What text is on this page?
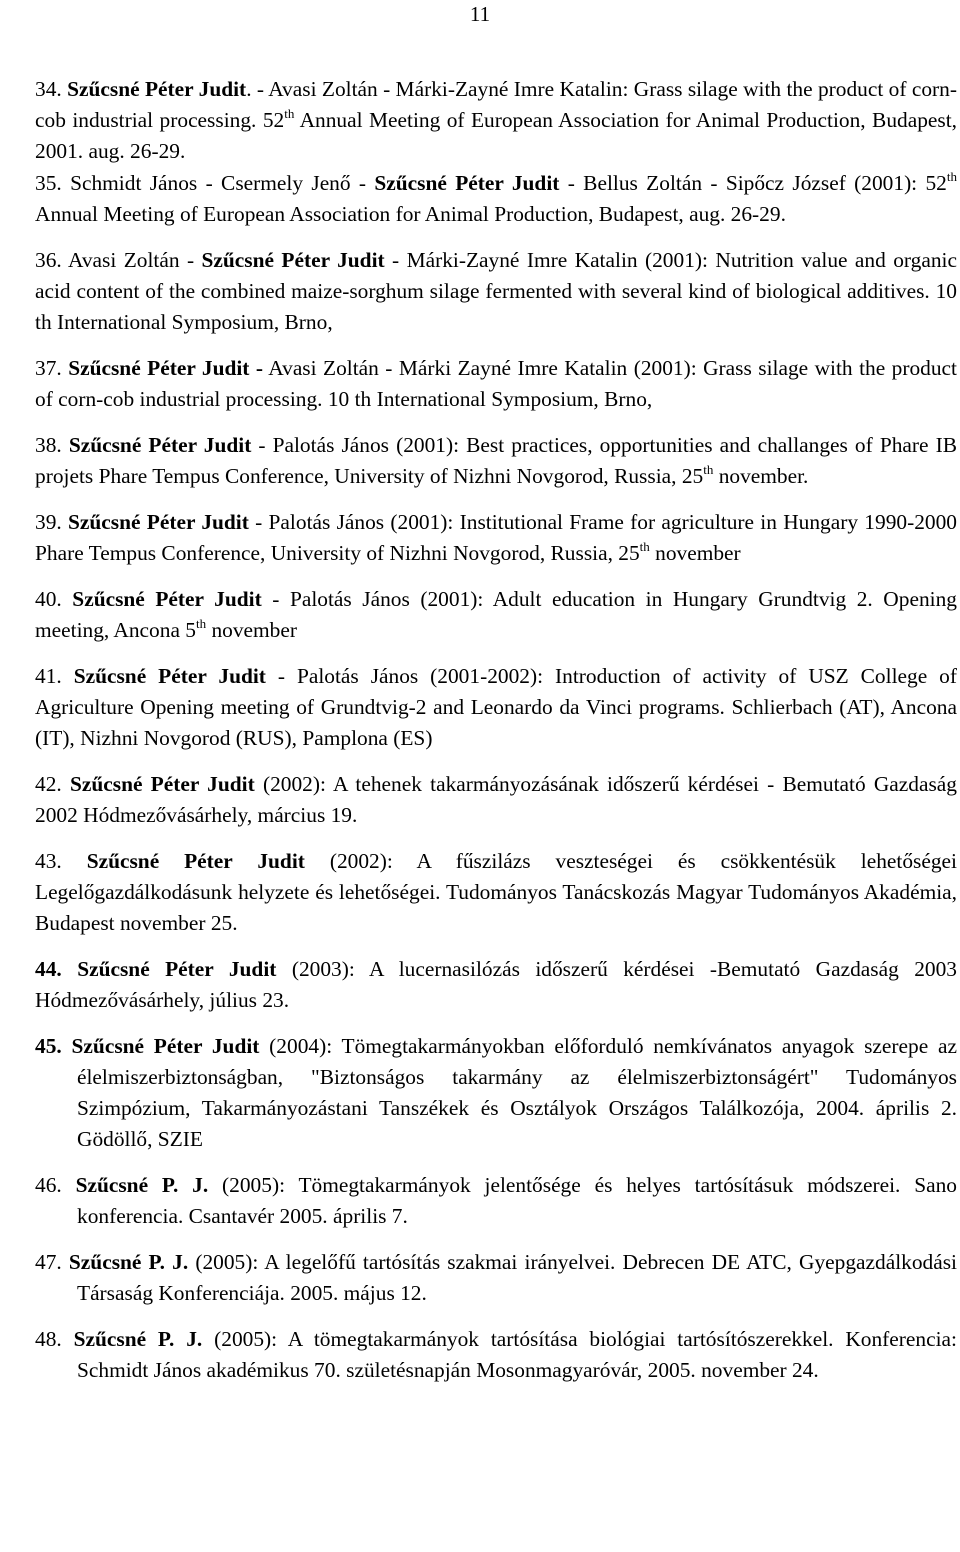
11
34. Szűcsné Péter Judit. - Avasi Zoltán - Márki-Zayné Imre Katalin: Grass silage with the product of corn-cob industrial processing. 52th Annual Meeting of European Association for Animal Production, Budapest, 2001. aug. 26-29.
35. Schmidt János - Csermely Jenő - Szűcsné Péter Judit - Bellus Zoltán - Sipőcz József (2001): 52th Annual Meeting of European Association for Animal Production, Budapest, aug. 26-29.
36. Avasi Zoltán - Szűcsné Péter Judit - Márki-Zayné Imre Katalin (2001): Nutrition value and organic acid content of the combined maize-sorghum silage fermented with several kind of biological additives. 10 th International Symposium, Brno,
37. Szűcsné Péter Judit - Avasi Zoltán - Márki Zayné Imre Katalin (2001): Grass silage with the product of corn-cob industrial processing. 10 th International Symposium, Brno,
38. Szűcsné Péter Judit - Palotás János (2001): Best practices, opportunities and challanges of Phare IB projets Phare Tempus Conference, University of Nizhni Novgorod, Russia, 25th november.
39. Szűcsné Péter Judit - Palotás János (2001): Institutional Frame for agriculture in Hungary 1990-2000 Phare Tempus Conference, University of Nizhni Novgorod, Russia, 25th november
40. Szűcsné Péter Judit - Palotás János (2001): Adult education in Hungary Grundtvig 2. Opening meeting, Ancona 5th november
41. Szűcsné Péter Judit - Palotás János (2001-2002): Introduction of activity of USZ College of Agriculture Opening meeting of Grundtvig-2 and Leonardo da Vinci programs. Schlierbach (AT), Ancona (IT), Nizhni Novgorod (RUS), Pamplona (ES)
42. Szűcsné Péter Judit (2002): A tehenek takarmányozásának időszerű kérdései - Bemutató Gazdaság 2002 Hódmezővásárhely, március 19.
43. Szűcsné Péter Judit (2002): A fűszilázs veszteségei és csökkentésük lehetőségei Legelőgazdálkodásunk helyzete és lehetőségei. Tudományos Tanácskozás Magyar Tudományos Akadémia, Budapest november 25.
44. Szűcsné Péter Judit (2003): A lucernasilózás időszerű kérdései -Bemutató Gazdaság 2003 Hódmezővásárhely, július 23.
45. Szűcsné Péter Judit (2004): Tömegtakarmányokban előforduló nemkívánatos anyagok szerepe az élelmiszerbiztonságban, "Biztonságos takarmány az élelmiszerbiztonságért" Tudományos Szimpózium, Takarmányozástani Tanszékek és Osztályok Országos Találkozója, 2004. április 2. Gödöllő, SZIE
46. Szűcsné P. J. (2005): Tömegtakarmányok jelentősége és helyes tartósításuk módszerei. Sano konferencia. Csantavér 2005. április 7.
47. Szűcsné P. J. (2005): A legelőfű tartósítás szakmai irányelvei. Debrecen DE ATC, Gyepgazdálkodási Társaság Konferenciája. 2005. május 12.
48. Szűcsné P. J. (2005): A tömegtakarmányok tartósítása biológiai tartósítószerekkel. Konferencia: Schmidt János akadémikus 70. születésnapján Mosonmagyaróvár, 2005. november 24.
